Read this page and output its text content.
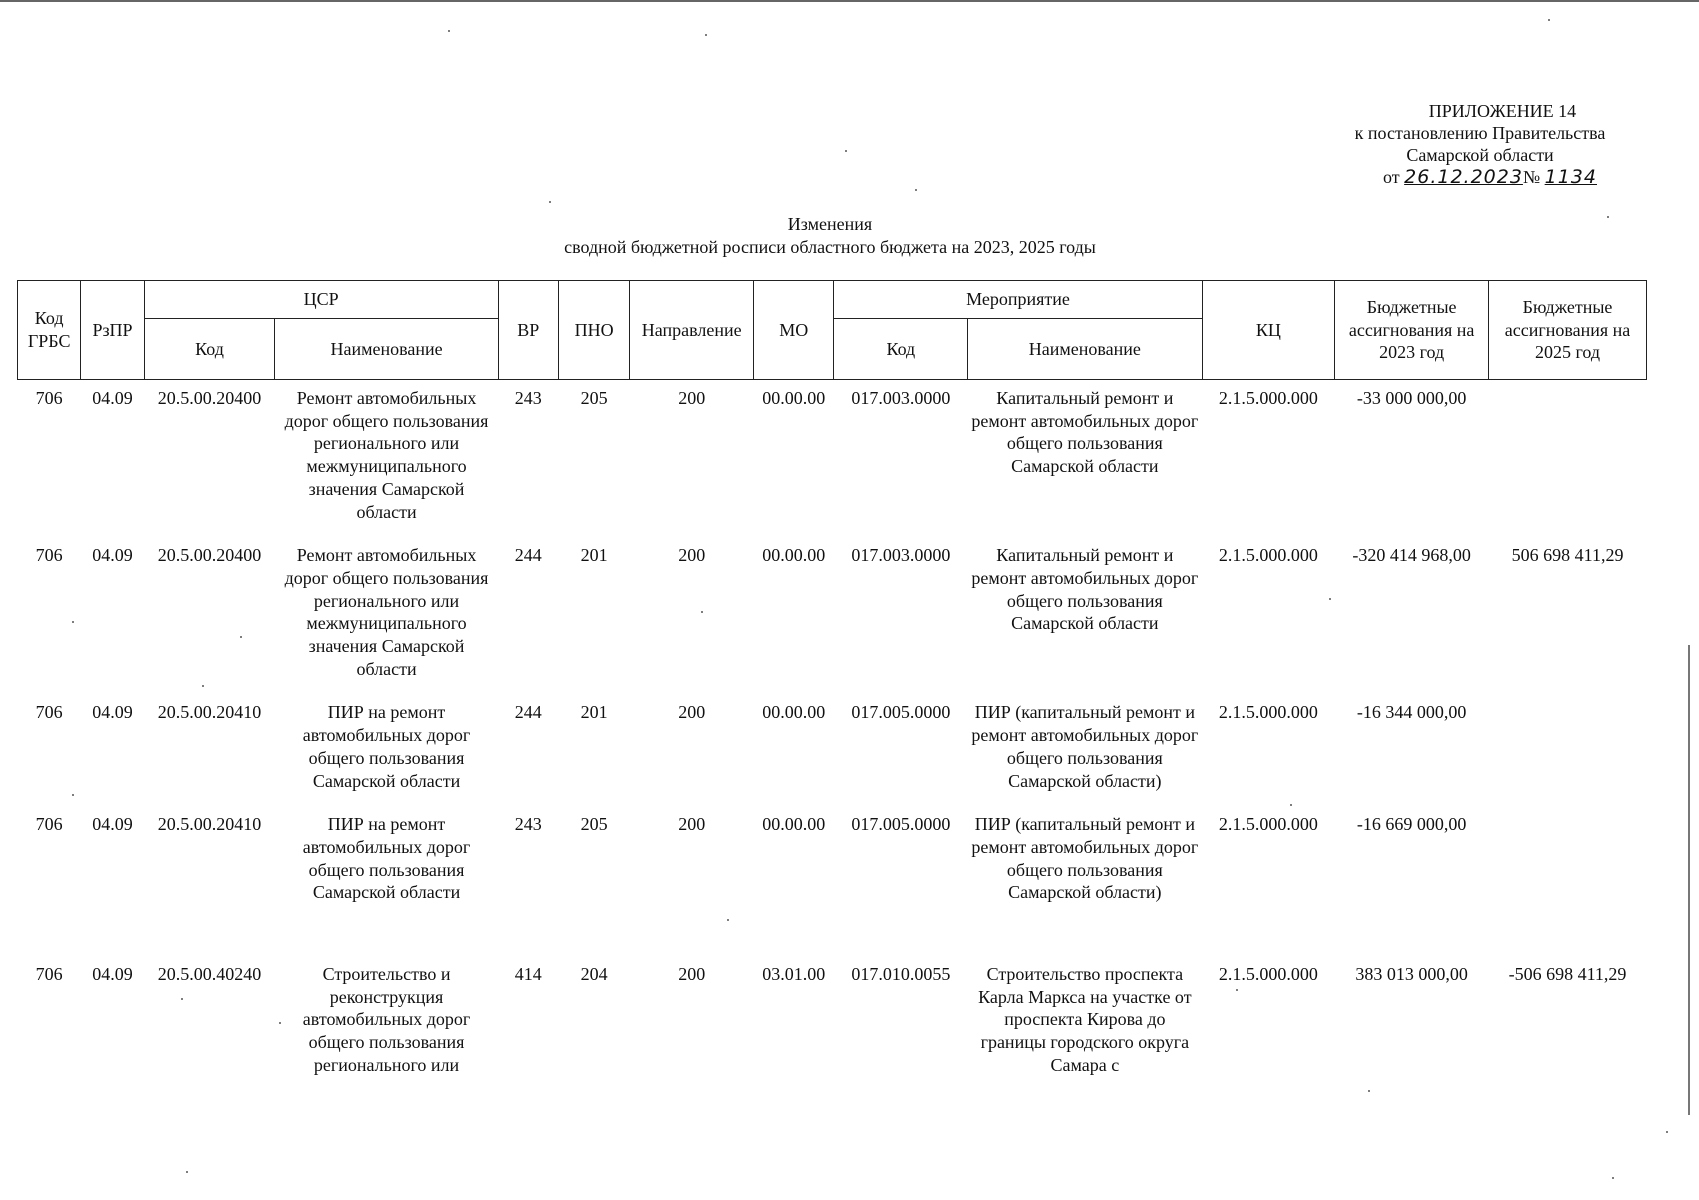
ПРИЛОЖЕНИЕ 14
к постановлению Правительства
Самарской области
от 26.12.2023№ 1134
Изменения
сводной бюджетной росписи областного бюджета на 2023, 2025 годы
Код ГРБС	РзПР	ЦСР		ВР	ПНО	Направление	МО	Мероприятие		КЦ	Бюджетные ассигнования на 2023 год	Бюджетные ассигнования на 2025 год
		Код	Наименование					Код	Наименование			
706	04.09	20.5.00.20400	Ремонт автомобильных дорог общего пользования регионального или межмуниципального значения Самарской области	243	205	200	00.00.00	017.003.0000	Капитальный ремонт и ремонт автомобильных дорог общего пользования Самарской области	2.1.5.000.000	-33 000 000,00	
706	04.09	20.5.00.20400	Ремонт автомобильных дорог общего пользования регионального или межмуниципального значения Самарской области	244	201	200	00.00.00	017.003.0000	Капитальный ремонт и ремонт автомобильных дорог общего пользования Самарской области	2.1.5.000.000	-320 414 968,00	506 698 411,29
706	04.09	20.5.00.20410	ПИР на ремонт автомобильных дорог общего пользования Самарской области	244	201	200	00.00.00	017.005.0000	ПИР (капитальный ремонт и ремонт автомобильных дорог общего пользования Самарской области)	2.1.5.000.000	-16 344 000,00	
706	04.09	20.5.00.20410	ПИР на ремонт автомобильных дорог общего пользования Самарской области	243	205	200	00.00.00	017.005.0000	ПИР (капитальный ремонт и ремонт автомобильных дорог общего пользования Самарской области)	2.1.5.000.000	-16 669 000,00	
706	04.09	20.5.00.40240	Строительство и реконструкция автомобильных дорог общего пользования регионального или	414	204	200	03.01.00	017.010.0055	Строительство проспекта Карла Маркса на участке от проспекта Кирова до границы городского округа Самара с	2.1.5.000.000	383 013 000,00	-506 698 411,29
